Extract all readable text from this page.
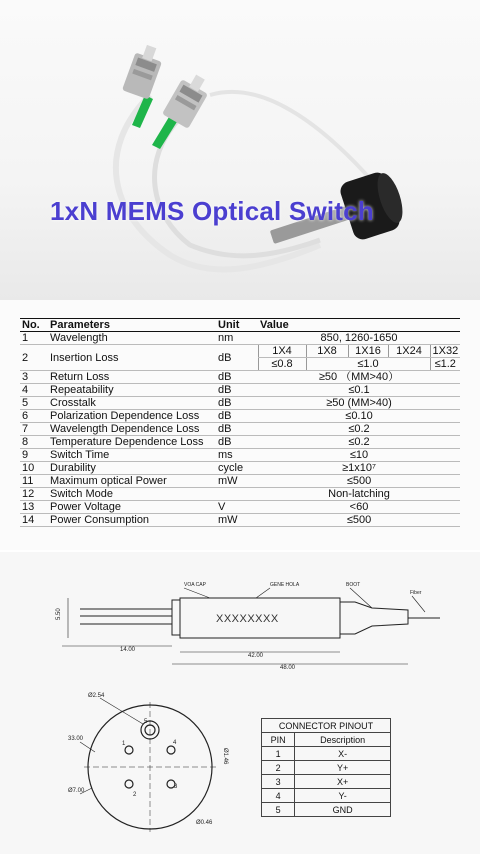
1xN MEMS Optical Switch
No.	Parameters	Unit	Value				
1	Wavelength	nm	850, 1260-1650				
2	Insertion Loss	dB	1X4	1X8	1X16	1X24	1X32
			≤0.8	≤1.0			≤1.2
3	Return Loss	dB	≥50 （MM>40）				
4	Repeatability	dB	≤0.1				
5	Crosstalk	dB	≥50 (MM>40)				
6	Polarization Dependence Loss	dB	≤0.10				
7	Wavelength Dependence Loss	dB	≤0.2				
8	Temperature Dependence Loss	dB	≤0.2				
9	Switch Time	ms	≤10				
10	Durability	cycle	≥1x10⁷				
11	Maximum optical Power	mW	≤500				
12	Switch Mode		Non-latching				
13	Power Voltage	V	<60				
14	Power Consumption	mW	≤500				
5.50
14.00
42.00
48.00
XXXXXXXX
VOA CAP	GENE HOLA	BOOT
Fiber
Ø2.54
Ø1.46
33.00
Ø7.00
Ø0.46
5
1	4
2
3
CONNECTOR PINOUT	
PIN	Description
1	X-
2	Y+
3	X+
4	Y-
5	GND
